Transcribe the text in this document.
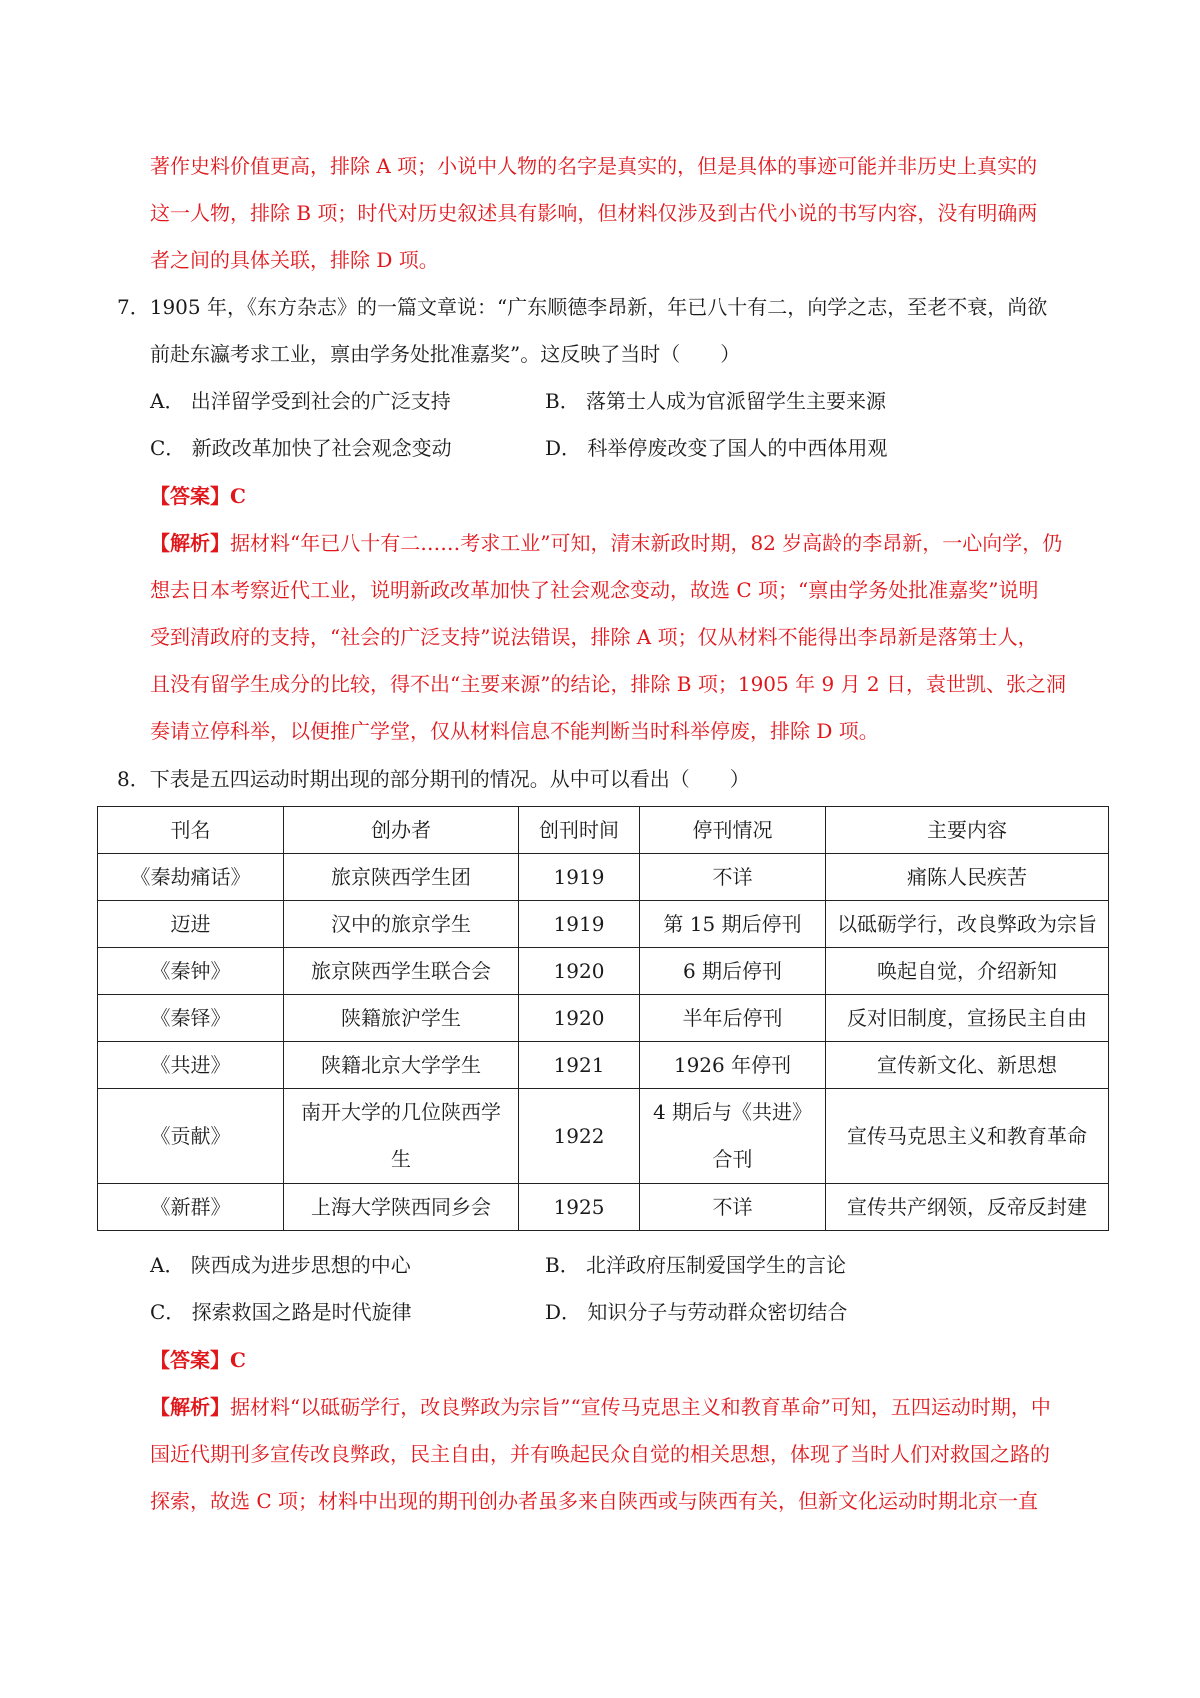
著作史料价值更高，排除 A 项；小说中人物的名字是真实的，但是具体的事迹可能并非历史上真实的
这一人物，排除 B 项；时代对历史叙述具有影响，但材料仅涉及到古代小说的书写内容，没有明确两
者之间的具体关联，排除 D 项。
7．1905 年，《东方杂志》的一篇文章说：“广东顺德李昂新，年已八十有二，向学之志，至老不衰，尚欲
前赴东瀛考求工业，禀由学务处批准嘉奖”。这反映了当时（　　）
A． 出洋留学受到社会的广泛支持	B． 落第士人成为官派留学生主要来源
C． 新政改革加快了社会观念变动	D． 科举停废改变了国人的中西体用观
【答案】C
【解析】据材料“年已八十有二……考求工业”可知，清末新政时期，82 岁高龄的李昂新，一心向学，仍
想去日本考察近代工业，说明新政改革加快了社会观念变动，故选 C 项；“禀由学务处批准嘉奖”说明
受到清政府的支持，“社会的广泛支持”说法错误，排除 A 项；仅从材料不能得出李昂新是落第士人，
且没有留学生成分的比较，得不出“主要来源”的结论，排除 B 项；1905 年 9 月 2 日，袁世凯、张之洞
奏请立停科举，以便推广学堂，仅从材料信息不能判断当时科举停废，排除 D 项。
8．下表是五四运动时期出现的部分期刊的情况。从中可以看出（　　）
刊名	创办者	创刊时间	停刊情况	主要内容
《秦劫痛话》	旅京陕西学生团	1919	不详	痛陈人民疾苦
迈进	汉中的旅京学生	1919	第 15 期后停刊	以砥砺学行，改良弊政为宗旨
《秦钟》	旅京陕西学生联合会	1920	6 期后停刊	唤起自觉，介绍新知
《秦铎》	陕籍旅沪学生	1920	半年后停刊	反对旧制度，宣扬民主自由
《共进》	陕籍北京大学学生	1921	1926 年停刊	宣传新文化、新思想
《贡献》	南开大学的几位陕西学生	1922	4 期后与《共进》合刊	宣传马克思主义和教育革命
《新群》	上海大学陕西同乡会	1925	不详	宣传共产纲领，反帝反封建
A． 陕西成为进步思想的中心	B． 北洋政府压制爱国学生的言论
C． 探索救国之路是时代旋律	D． 知识分子与劳动群众密切结合
【答案】C
【解析】据材料“以砥砺学行，改良弊政为宗旨”“宣传马克思主义和教育革命”可知，五四运动时期，中
国近代期刊多宣传改良弊政，民主自由，并有唤起民众自觉的相关思想，体现了当时人们对救国之路的
探索，故选 C 项；材料中出现的期刊创办者虽多来自陕西或与陕西有关，但新文化运动时期北京一直
